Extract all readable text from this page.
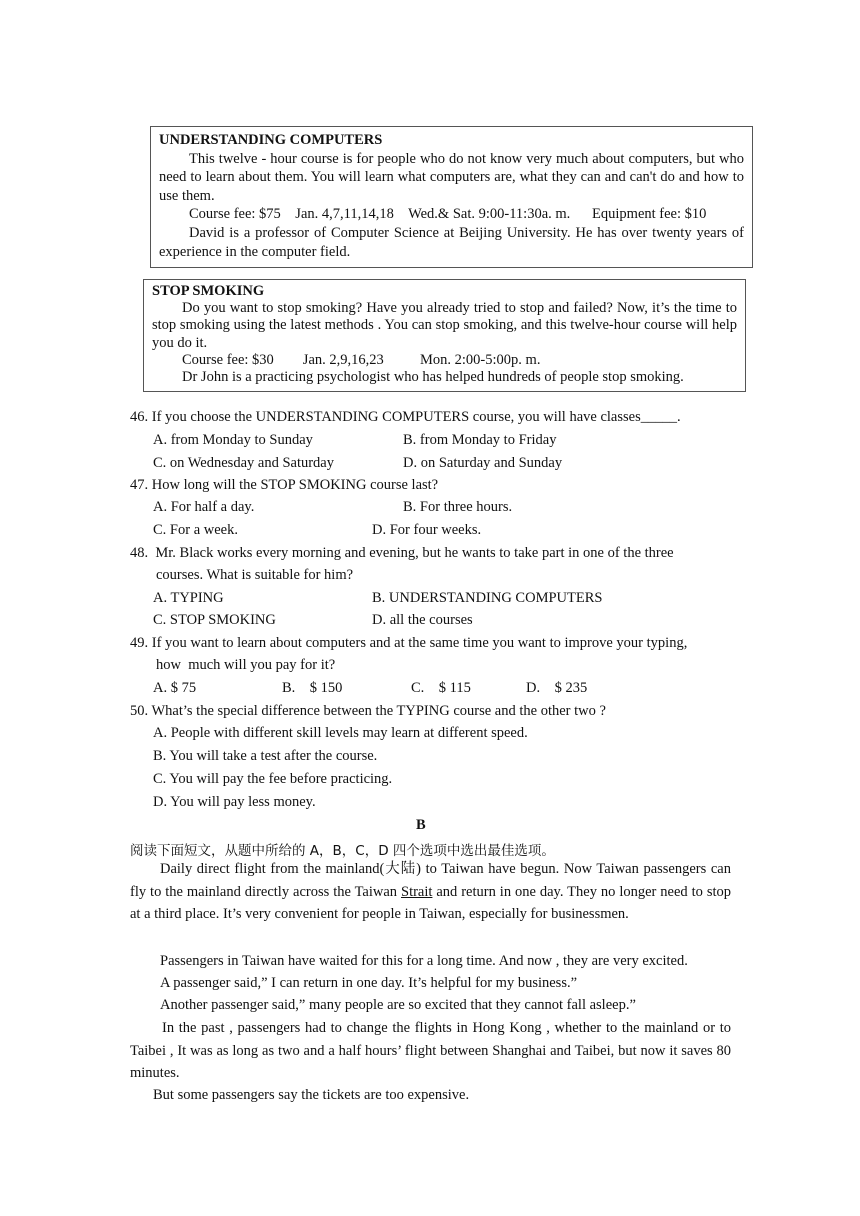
UNDERSTANDING COMPUTERS
This twelve - hour course is for people who do not know very much about computers, but who need to learn about them. You will learn what computers are, what they can and can't do and how to use them.
Course fee: $75    Jan. 4,7,11,14,18    Wed.& Sat. 9:00-11:30a. m.      Equipment fee: $10
David is a professor of Computer Science at Beijing University. He has over twenty years of experience in the computer field.
STOP SMOKING
Do you want to stop smoking? Have you already tried to stop and failed? Now, it’s the time to stop smoking using the latest methods . You can stop smoking, and this twelve-hour course will help you do it.
Course fee: $30        Jan. 2,9,16,23          Mon. 2:00-5:00p. m.
Dr John is a practicing psychologist who has helped hundreds of people stop smoking.
46. If you choose the UNDERSTANDING COMPUTERS course, you will have classes_____.
A. from Monday to Sunday	B. from Monday to Friday
C. on Wednesday and Saturday	D. on Saturday and Sunday
47. How long will the STOP SMOKING course last?
A. For half a day.	B. For three hours.
C. For a week.	D. For four weeks.
48.  Mr. Black works every morning and evening, but he wants to take part in one of the three
courses. What is suitable for him?
A. TYPING	B. UNDERSTANDING COMPUTERS
C. STOP SMOKING	D. all the courses
49. If you want to learn about computers and at the same time you want to improve your typing,
how  much will you pay for it?
A. $ 75	B.    $ 150	C.    $ 115	D.    $ 235
50. What’s the special difference between the TYPING course and the other two ?
A. People with different skill levels may learn at different speed.
B. You will take a test after the course.
C. You will pay the fee before practicing.
D. You will pay less money.
B
阅读下面短文，从题中所给的 A，B，C，D 四个选项中选出最佳选项。
Daily direct flight from the mainland(大陆) to Taiwan have begun. Now Taiwan passengers can fly to the mainland directly across the Taiwan Strait and return in one day. They no longer need to stop at a third place. It’s very convenient for people in Taiwan, especially for businessmen.
Passengers in Taiwan have waited for this for a long time. And now , they are very excited.
A passenger said,” I can return in one day. It’s helpful for my business.”
Another passenger said,” many people are so excited that they cannot fall asleep.”
In the past , passengers had to change the flights in Hong Kong , whether to the mainland or to Taibei , It was as long as two and a half hours’ flight between Shanghai and Taibei, but now it saves 80 minutes.
But some passengers say the tickets are too expensive.
